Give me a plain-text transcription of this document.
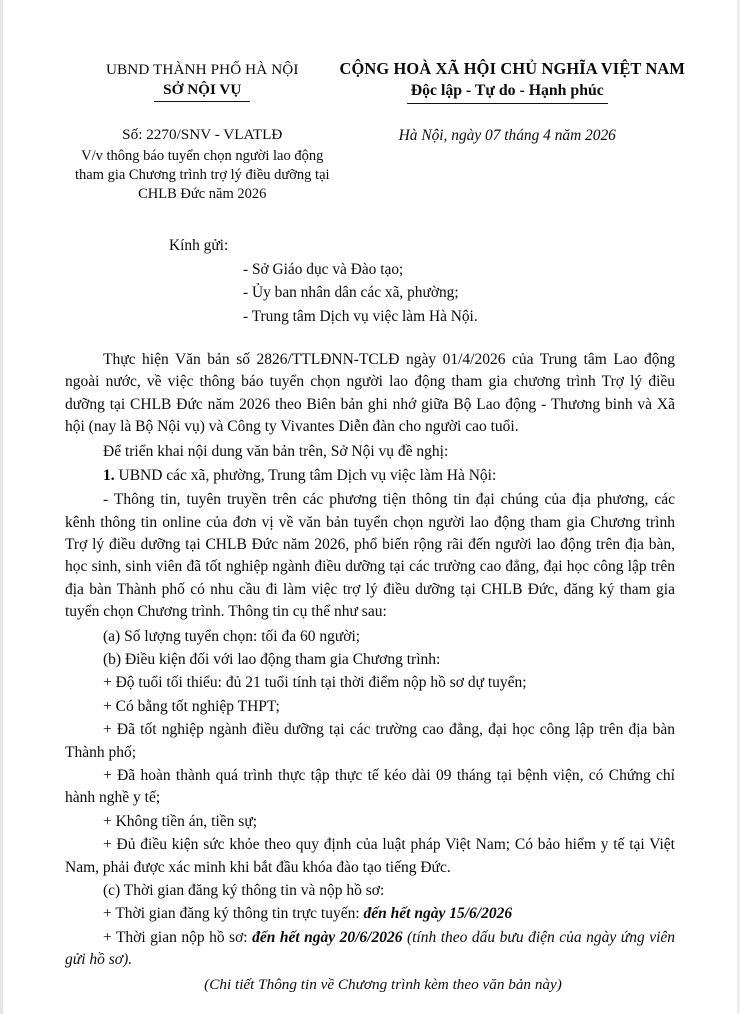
UBND THÀNH PHỐ HÀ NỘI
SỞ NỘI VỤ
CỘNG HOÀ XÃ HỘI CHỦ NGHĨA VIỆT NAM
Độc lập - Tự do - Hạnh phúc
Số: 2270/SNV - VLATLĐ
V/v thông báo tuyển chọn người lao động tham gia Chương trình trợ lý điều dưỡng tại CHLB Đức năm 2026
Hà Nội, ngày 07 tháng 4 năm 2026
Kính gửi:
- Sở Giáo dục và Đào tạo;
- Ủy ban nhân dân các xã, phường;
- Trung tâm Dịch vụ việc làm Hà Nội.

Thực hiện Văn bản số 2826/TTLĐNN-TCLĐ ngày 01/4/2026 của Trung tâm Lao động ngoài nước, về việc thông báo tuyển chọn người lao động tham gia chương trình Trợ lý điều dưỡng tại CHLB Đức năm 2026 theo Biên bản ghi nhớ giữa Bộ Lao động - Thương binh và Xã hội (nay là Bộ Nội vụ) và Công ty Vivantes Diễn đàn cho người cao tuổi.

Để triển khai nội dung văn bản trên, Sở Nội vụ đề nghị:

1. UBND các xã, phường, Trung tâm Dịch vụ việc làm Hà Nội:

- Thông tin, tuyên truyền trên các phương tiện thông tin đại chúng của địa phương, các kênh thông tin online của đơn vị về văn bản tuyển chọn người lao động tham gia Chương trình Trợ lý điều dưỡng tại CHLB Đức năm 2026, phổ biến rộng rãi đến người lao động trên địa bàn, học sinh, sinh viên đã tốt nghiệp ngành điều dưỡng tại các trường cao đẳng, đại học công lập trên địa bàn Thành phố có nhu cầu đi làm việc trợ lý điều dưỡng tại CHLB Đức, đăng ký tham gia tuyển chọn Chương trình. Thông tin cụ thể như sau:

(a) Số lượng tuyển chọn: tối đa 60 người;

(b) Điều kiện đối với lao động tham gia Chương trình:

+ Độ tuổi tối thiểu: đủ 21 tuổi tính tại thời điểm nộp hồ sơ dự tuyển;

+ Có bằng tốt nghiệp THPT;

+ Đã tốt nghiệp ngành điều dưỡng tại các trường cao đẳng, đại học công lập trên địa bàn Thành phố;

+ Đã hoàn thành quá trình thực tập thực tế kéo dài 09 tháng tại bệnh viện, có Chứng chỉ hành nghề y tế;

+ Không tiền án, tiền sự;

+ Đủ điều kiện sức khỏe theo quy định của luật pháp Việt Nam; Có bảo hiểm y tế tại Việt Nam, phải được xác minh khi bắt đầu khóa đào tạo tiếng Đức.

(c) Thời gian đăng ký thông tin và nộp hồ sơ:

+ Thời gian đăng ký thông tin trực tuyến: đến hết ngày 15/6/2026

+ Thời gian nộp hồ sơ: đến hết ngày 20/6/2026 (tính theo dấu bưu điện của ngày ứng viên gửi hồ sơ).

(Chi tiết Thông tin về Chương trình kèm theo văn bản này)
